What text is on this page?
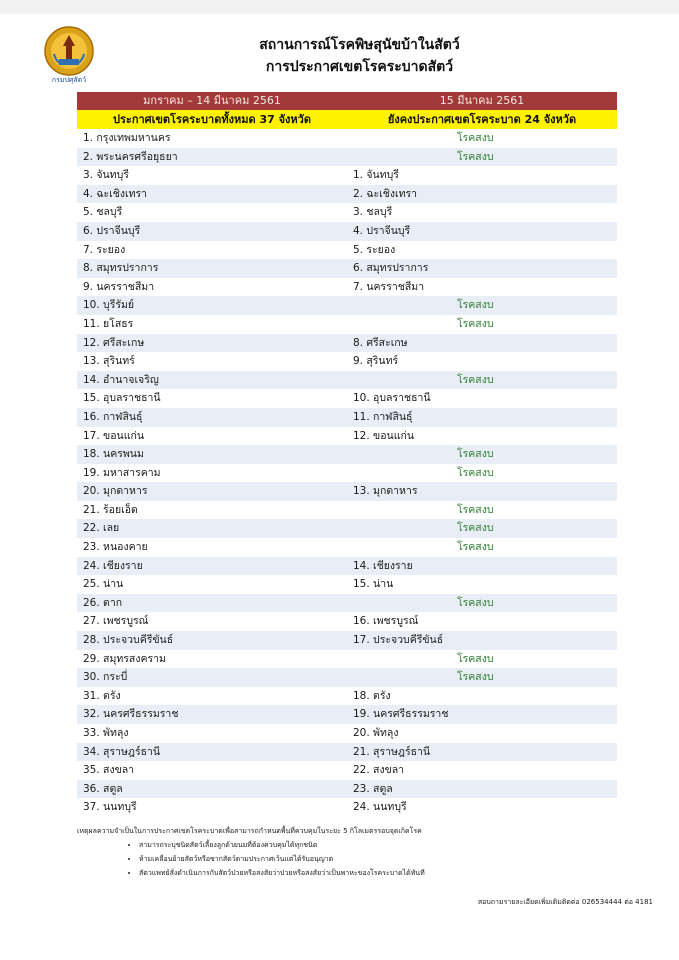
กรมปศุสัตว์
สถานการณ์โรคพิษสุนัขบ้าในสัตว์
การประกาศเขตโรคระบาดสัตว์
มกราคม – 14 มีนาคม 2561	15 มีนาคม 2561
ประกาศเขตโรคระบาดทั้งหมด 37 จังหวัด	ยังคงประกาศเขตโรคระบาด 24 จังหวัด
1. กรุงเทพมหานคร	โรคสงบ
2. พระนครศรีอยุธยา	โรคสงบ
3. จันทบุรี	1. จันทบุรี
4. ฉะเชิงเทรา	2. ฉะเชิงเทรา
5. ชลบุรี	3. ชลบุรี
6. ปราจีนบุรี	4. ปราจีนบุรี
7. ระยอง	5. ระยอง
8. สมุทรปราการ	6. สมุทรปราการ
9. นครราชสีมา	7. นครราชสีมา
10. บุรีรัมย์	โรคสงบ
11. ยโสธร	โรคสงบ
12. ศรีสะเกษ	8. ศรีสะเกษ
13. สุรินทร์	9. สุรินทร์
14. อำนาจเจริญ	โรคสงบ
15. อุบลราชธานี	10. อุบลราชธานี
16. กาฬสินธุ์	11. กาฬสินธุ์
17. ขอนแก่น	12. ขอนแก่น
18. นครพนม	โรคสงบ
19. มหาสารคาม	โรคสงบ
20. มุกดาหาร	13. มุกดาหาร
21. ร้อยเอ็ด	โรคสงบ
22. เลย	โรคสงบ
23. หนองคาย	โรคสงบ
24. เชียงราย	14. เชียงราย
25. น่าน	15. น่าน
26. ตาก	โรคสงบ
27. เพชรบูรณ์	16. เพชรบูรณ์
28. ประจวบคีรีขันธ์	17. ประจวบคีรีขันธ์
29. สมุทรสงคราม	โรคสงบ
30. กระบี่	โรคสงบ
31. ตรัง	18. ตรัง
32. นครศรีธรรมราช	19. นครศรีธรรมราช
33. พัทลุง	20. พัทลุง
34. สุราษฎร์ธานี	21. สุราษฎร์ธานี
35. สงขลา	22. สงขลา
36. สตูล	23. สตูล
37. นนทบุรี	24. นนทบุรี
เหตุผลความจำเป็นในการประกาศเขตโรคระบาดเพื่อสามารถกำหนดพื้นที่ควบคุมในระยะ 5 กิโลเมตรรอบจุดเกิดโรค
• สามารถระบุชนิดสัตว์เลี้ยงลูกด้วยนมที่ต้องควบคุมได้ทุกชนิด
• ห้ามเคลื่อนย้ายสัตว์หรือซากสัตว์ตามประกาศเว้นแต่ได้รับอนุญาต
• สัตวแพทย์สั่งดำเนินการกับสัตว์ป่วยหรือสงสัยว่าป่วยหรือสงสัยว่าเป็นพาหะของโรคระบาดได้ทันที
สอบถามรายละเอียดเพิ่มเติมติดต่อ 026534444 ต่อ 4181
